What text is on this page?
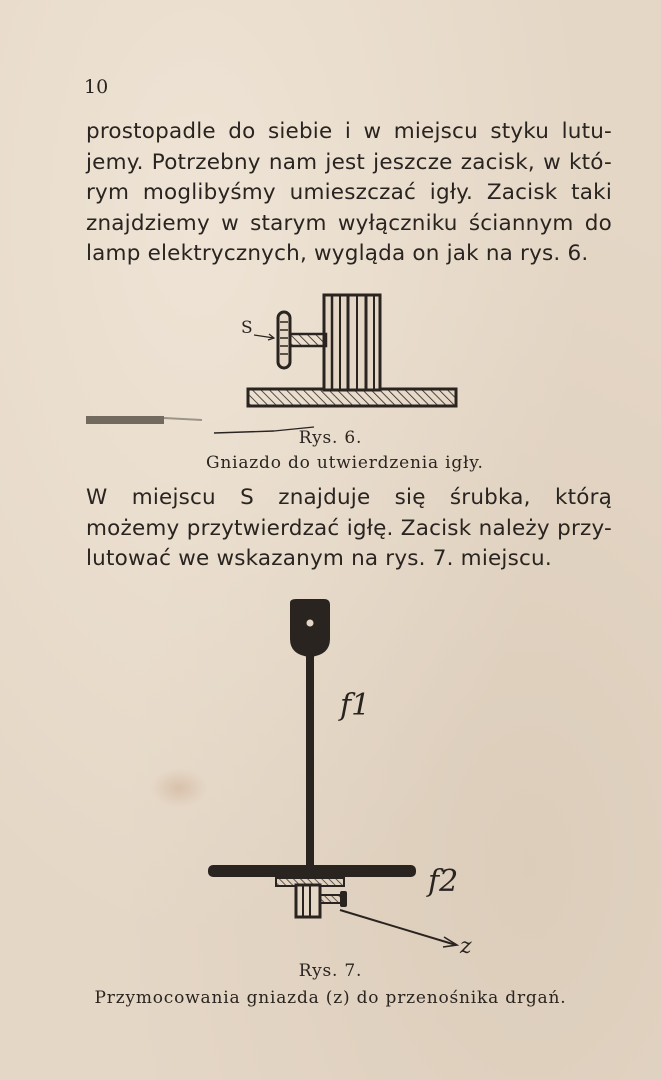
10

prostopadle do siebie i w miejscu styku lutu-
jemy. Potrzebny nam jest jeszcze zacisk, w któ-
rym moglibyśmy umieszczać igły. Zacisk taki
znajdziemy w starym wyłączniku ściannym do
lamp elektrycznych, wygląda on jak na rys. 6.

S
Rys. 6.
Gniazdo do utwierdzenia igły.

W miejscu S znajduje się śrubka, którą
możemy przytwierdzać igłę. Zacisk należy przy-
lutować we wskazanym na rys. 7. miejscu.

f1
f2
z
Rys. 7.
Przymocowania gniazda (z) do przenośnika drgań.
